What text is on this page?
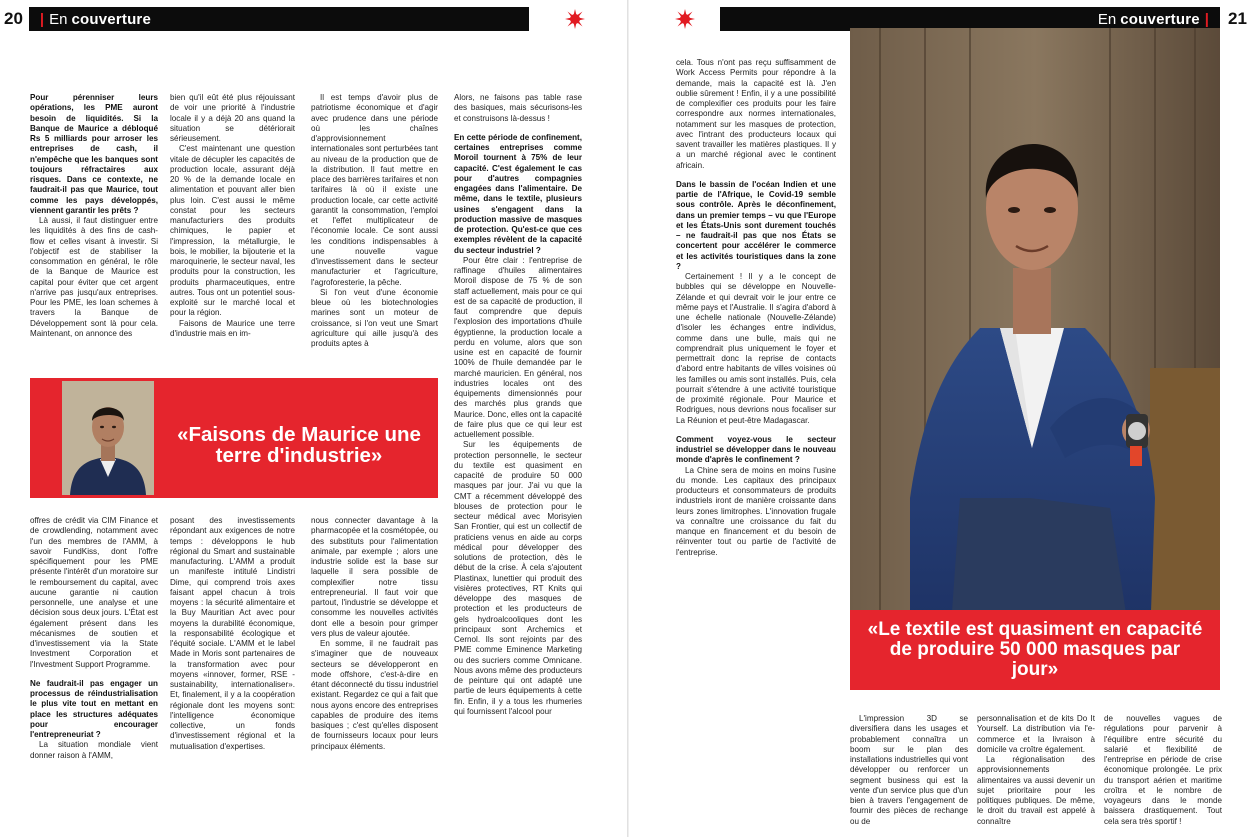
20 | En couverture

Pour pérenniser leurs opérations, les PME auront besoin de liquidités. Si la Banque de Maurice a débloqué Rs 5 milliards pour arroser les entreprises de cash, il n'empêche que les banques sont toujours réfractaires aux risques. Dans ce contexte, ne faudrait-il pas que Maurice, tout comme les pays développés, viennent garantir les prêts ?

Là aussi, il faut distinguer entre les liquidités à des fins de cash-flow et celles visant à investir. Si l'objectif est de stabiliser la consommation en général, le rôle de la Banque de Maurice est capital pour éviter que cet argent n'arrive pas jusqu'aux entreprises. Pour les PME, les loan schemes à travers la Banque de Développement sont là pour cela. Maintenant, on annonce des

bien qu'il eût été plus réjouissant de voir une priorité à l'industrie locale il y a déjà 20 ans quand la situation se détériorait sérieusement.

C'est maintenant une question vitale de décupler les capacités de production locale, assurant déjà 20 % de la demande locale en alimentation et pouvant aller bien plus loin. C'est aussi le même constat pour les secteurs manufacturiers des produits chimiques, le papier et l'impression, la métallurgie, le bois, le mobilier, la bijouterie et la maroquinerie, le secteur naval, les produits pour la construction, les produits pharmaceutiques, entre autres. Tous ont un potentiel sous-exploité sur le marché local et pour la région.

Faisons de Maurice une terre d'industrie mais en im-

Il est temps d'avoir plus de patriotisme économique et d'agir avec prudence dans une période où les chaînes d'approvisionnement internationales sont perturbées tant au niveau de la production que de la distribution. Il faut mettre en place des barrières tarifaires et non tarifaires là où il existe une production locale, car cette activité garantit la consommation, l'emploi et l'effet multiplicateur de l'économie locale. Ce sont aussi les conditions indispensables à une nouvelle vague d'investissement dans le secteur manufacturier et l'agriculture, l'agroforesterie, la pêche.

Si l'on veut d'une économie bleue où les biotechnologies marines sont un moteur de croissance, si l'on veut une Smart agriculture qui aille jusqu'à des produits aptes à

Alors, ne faisons pas table rase des basiques, mais sécurisons-les et construisons là-dessus !

En cette période de confinement, certaines entreprises comme Moroil tournent à 75% de leur capacité. C'est également le cas pour d'autres compagnies engagées dans l'alimentaire. De même, dans le textile, plusieurs usines s'engagent dans la production massive de masques de protection. Qu'est-ce que ces exemples révèlent de la capacité du secteur industriel ?

Pour être clair : l'entreprise de raffinage d'huiles alimentaires Moroil dispose de 75 % de son staff actuellement, mais pour ce qui est de sa capacité de production, il faut comprendre que depuis l'explosion des importations d'huile égyptienne, la production locale a perdu en volume, alors que son usine est en capacité de fournir 100% de l'huile demandée par le marché mauricien. En général, nos industries locales ont des équipements dimensionnés pour des marchés plus grands que Maurice. Donc, elles ont la capacité de faire plus que ce qui leur est actuellement possible.

Sur les équipements de protection personnelle, le secteur du textile est quasiment en capacité de produire 50 000 masques par jour. J'ai vu que la CMT a récemment développé des blouses de protection pour le secteur médical avec Morisyien San Frontier, qui est un collectif de praticiens venus en aide au corps médical pour développer des solutions de protection, dès le début de la crise. À cela s'ajoutent Plastinax, lunettier qui produit des visières protectives, RT Knits qui développe des masques de protection et les producteurs de gels hydroalcooliques dont les principaux sont Archemics et Cernol. Ils sont rejoints par des PME comme Eminence Marketing ou des sucriers comme Omnicane. Nous avons même des producteurs de peinture qui ont adapté une partie de leurs équipements à cette fin. Enfin, il y a tous les rhumeries qui fournissent l'alcool pour

«Faisons de Maurice une terre d'industrie»

offres de crédit via CIM Finance et de crowdlending, notamment avec l'un des membres de l'AMM, à savoir FundKiss, dont l'offre spécifiquement pour les PME présente l'intérêt d'un moratoire sur le remboursement du capital, avec aucune garantie ni caution personnelle, une analyse et une décision sous deux jours. L'État est également présent dans les mécanismes de soutien et d'investissement via la State Investment Corporation et l'Investment Support Programme.

Ne faudrait-il pas engager un processus de réindustrialisation le plus vite tout en mettant en place les structures adéquates pour encourager l'entrepreneuriat ?

La situation mondiale vient donner raison à l'AMM,

posant des investissements répondant aux exigences de notre temps : développons le hub régional du Smart and sustainable manufacturing. L'AMM a produit un manifeste intitulé Lindistri Dime, qui comprend trois axes faisant appel chacun à trois moyens : la sécurité alimentaire et la Buy Mauritian Act avec pour moyens la durabilité économique, la responsabilité écologique et l'équité sociale. L'AMM et le label Made in Moris sont partenaires de la transformation avec pour moyens «innover, former, RSE - sustainability, internationaliser». Et, finalement, il y a la coopération régionale dont les moyens sont: l'intelligence économique collective, un fonds d'investissement régional et la mutualisation d'expertises.

nous connecter davantage à la pharmacopée et la cosmétopée, ou des substituts pour l'alimentation animale, par exemple ; alors une industrie solide est la base sur laquelle il sera possible de complexifier notre tissu entrepreneurial. Il faut voir que partout, l'industrie se développe et consomme les nouvelles activités dont elle a besoin pour grimper vers plus de valeur ajoutée.

En somme, il ne faudrait pas s'imaginer que de nouveaux secteurs se développeront en mode offshore, c'est-à-dire en étant déconnecté du tissu industriel existant. Regardez ce qui a fait que nous ayons encore des entreprises capables de produire des items basiques ; c'est qu'elles disposent de fournisseurs locaux pour leurs principaux éléments.

En couverture | 21

cela. Tous n'ont pas reçu suffisamment de Work Access Permits pour répondre à la demande, mais la capacité est là. J'en oublie sûrement ! Enfin, il y a une possibilité de complexifier ces produits pour les faire correspondre aux normes internationales, notamment sur les masques de protection, avec l'intrant des producteurs locaux qui savent travailler les matières plastiques. Il y a un marché régional avec le continent africain.

Dans le bassin de l'océan Indien et une partie de l'Afrique, le Covid-19 semble sous contrôle. Après le déconfinement, dans un premier temps – vu que l'Europe et les États-Unis sont durement touchés – ne faudrait-il pas que nos États se concertent pour accélérer le commerce et les activités touristiques dans la zone ?

Certainement ! Il y a le concept de bubbles qui se développe en Nouvelle-Zélande et qui devrait voir le jour entre ce même pays et l'Australie. Il s'agira d'abord à une échelle nationale (Nouvelle-Zélande) d'isoler les échanges entre individus, comme dans une bulle, mais qui ne comprendrait plus uniquement le foyer et permettrait donc la reprise de contacts d'abord entre habitants de villes voisines où les familles ou amis sont installés. Puis, cela pourrait s'étendre à une activité touristique de proximité régionale. Pour Maurice et Rodrigues, nous devrions nous focaliser sur La Réunion et peut-être Madagascar.

Comment voyez-vous le secteur industriel se développer dans le nouveau monde d'après le confinement ?

La Chine sera de moins en moins l'usine du monde. Les capitaux des principaux producteurs et consommateurs de produits industriels iront de manière croissante dans leurs zones limitrophes. L'innovation frugale va connaître une croissance du fait du manque en financement et du besoin de réinventer tout ou partie de l'activité de l'entreprise.

«Le textile est quasiment en capacité de produire 50 000 masques par jour»

L'impression 3D se diversifiera dans les usages et probablement connaîtra un boom sur le plan des installations industrielles qui vont développer ou renforcer un segment business qui est la vente d'un service plus que d'un bien à travers l'engagement de fournir des pièces de rechange ou de

personnalisation et de kits Do It Yourself. La distribution via l'e-commerce et la livraison à domicile va croître également.

La régionalisation des approvisionnements alimentaires va aussi devenir un sujet prioritaire pour les politiques publiques. De même, le droit du travail est appelé à connaître

de nouvelles vagues de régulations pour parvenir à l'équilibre entre sécurité du salarié et flexibilité de l'entreprise en période de crise économique prolongée. Le prix du transport aérien et maritime croîtra et le nombre de voyageurs dans le monde baissera drastiquement. Tout cela sera très sportif !
